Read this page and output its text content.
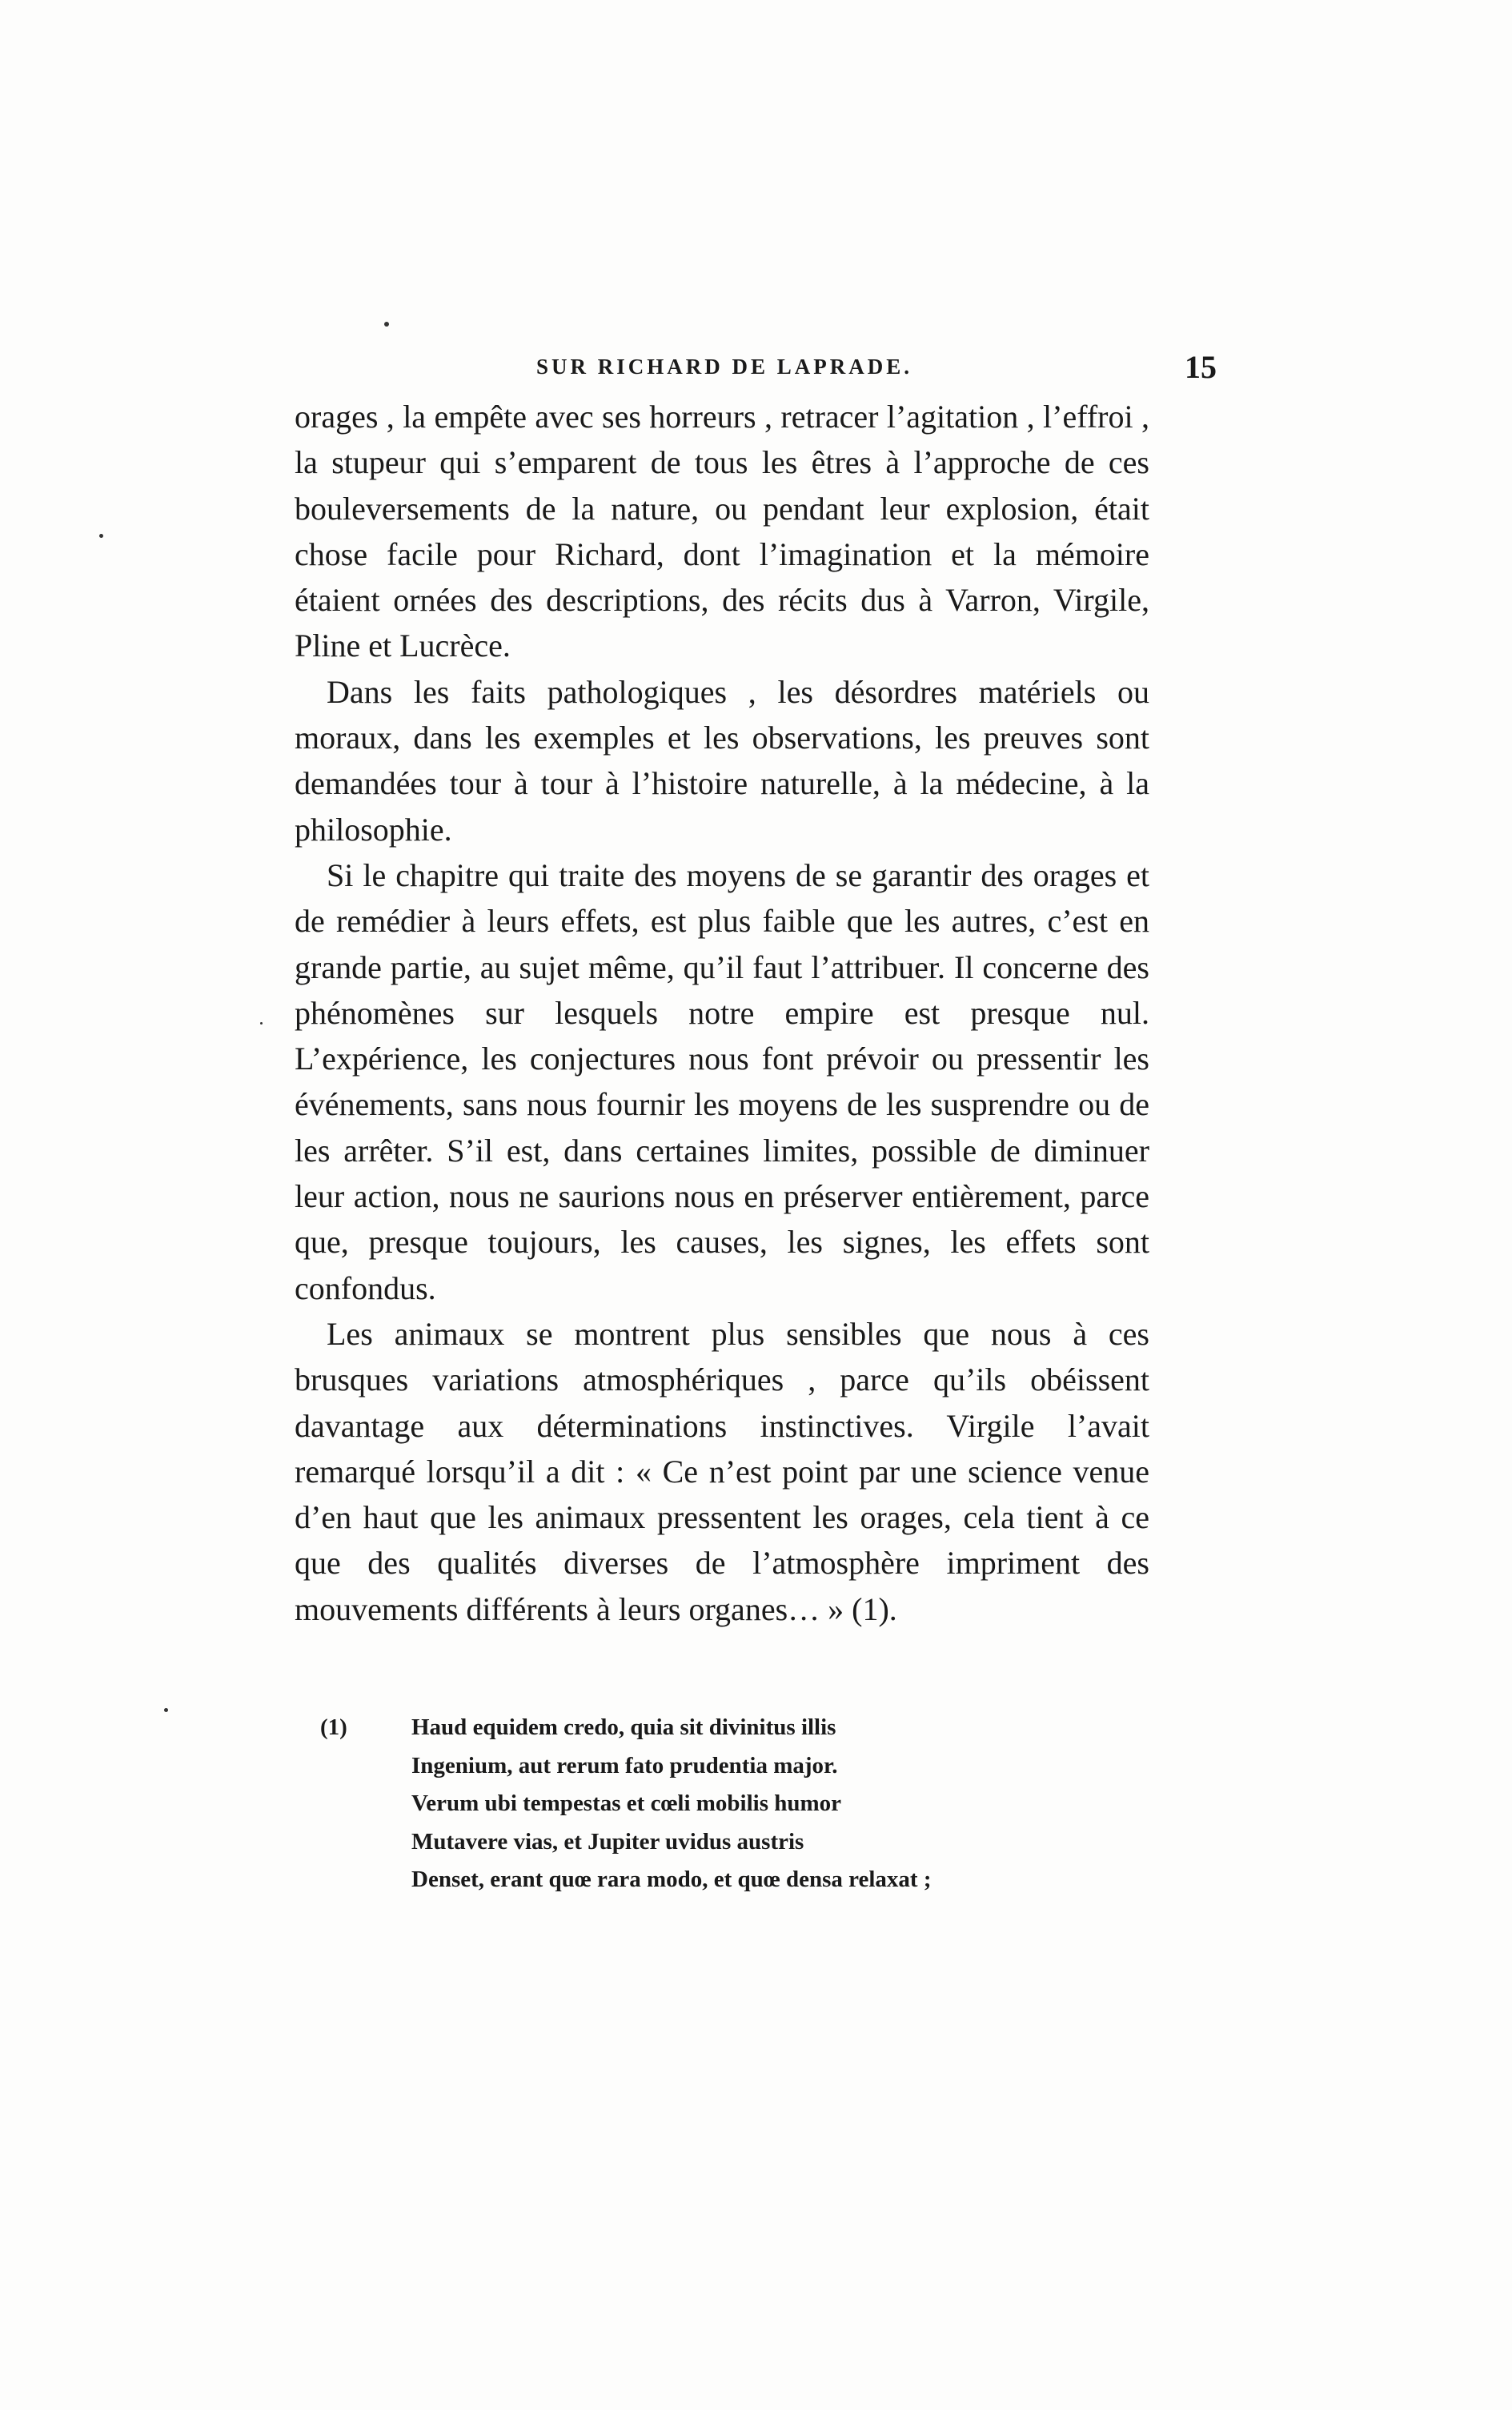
SUR RICHARD DE LAPRADE.	15

orages , la empête avec ses horreurs , retracer l’agitation , l’effroi , la stupeur qui s’emparent de tous les êtres à l’approche de ces bouleversements de la nature, ou pendant leur explosion, était chose facile pour Richard, dont l’imagination et la mémoire étaient ornées des descriptions, des récits dus à Varron, Virgile, Pline et Lucrèce.

Dans les faits pathologiques , les désordres matériels ou moraux, dans les exemples et les observations, les preuves sont demandées tour à tour à l’histoire naturelle, à la médecine, à la philosophie.

Si le chapitre qui traite des moyens de se garantir des orages et de remédier à leurs effets, est plus faible que les autres, c’est en grande partie, au sujet même, qu’il faut l’attribuer. Il concerne des phénomènes sur lesquels notre empire est presque nul. L’expérience, les conjectures nous font prévoir ou pressentir les événements, sans nous fournir les moyens de les susprendre ou de les arrêter. S’il est, dans certaines limites, possible de diminuer leur action, nous ne saurions nous en préserver entièrement, parce que, presque toujours, les causes, les signes, les effets sont confondus.

Les animaux se montrent plus sensibles que nous à ces brusques variations atmosphériques , parce qu’ils obéissent davantage aux déterminations instinctives. Virgile l’avait remarqué lorsqu’il a dit : « Ce n’est point par une science venue d’en haut que les animaux pressentent les orages, cela tient à ce que des qualités diverses de l’atmosphère impriment des mouvements différents à leurs organes… » (1).

(1)	Haud equidem credo, quia sit divinitus illis
Ingenium, aut rerum fato prudentia major.
Verum ubi tempestas et cœli mobilis humor
Mutavere vias, et Jupiter uvidus austris
Denset, erant quœ rara modo, et quœ densa relaxat ;
